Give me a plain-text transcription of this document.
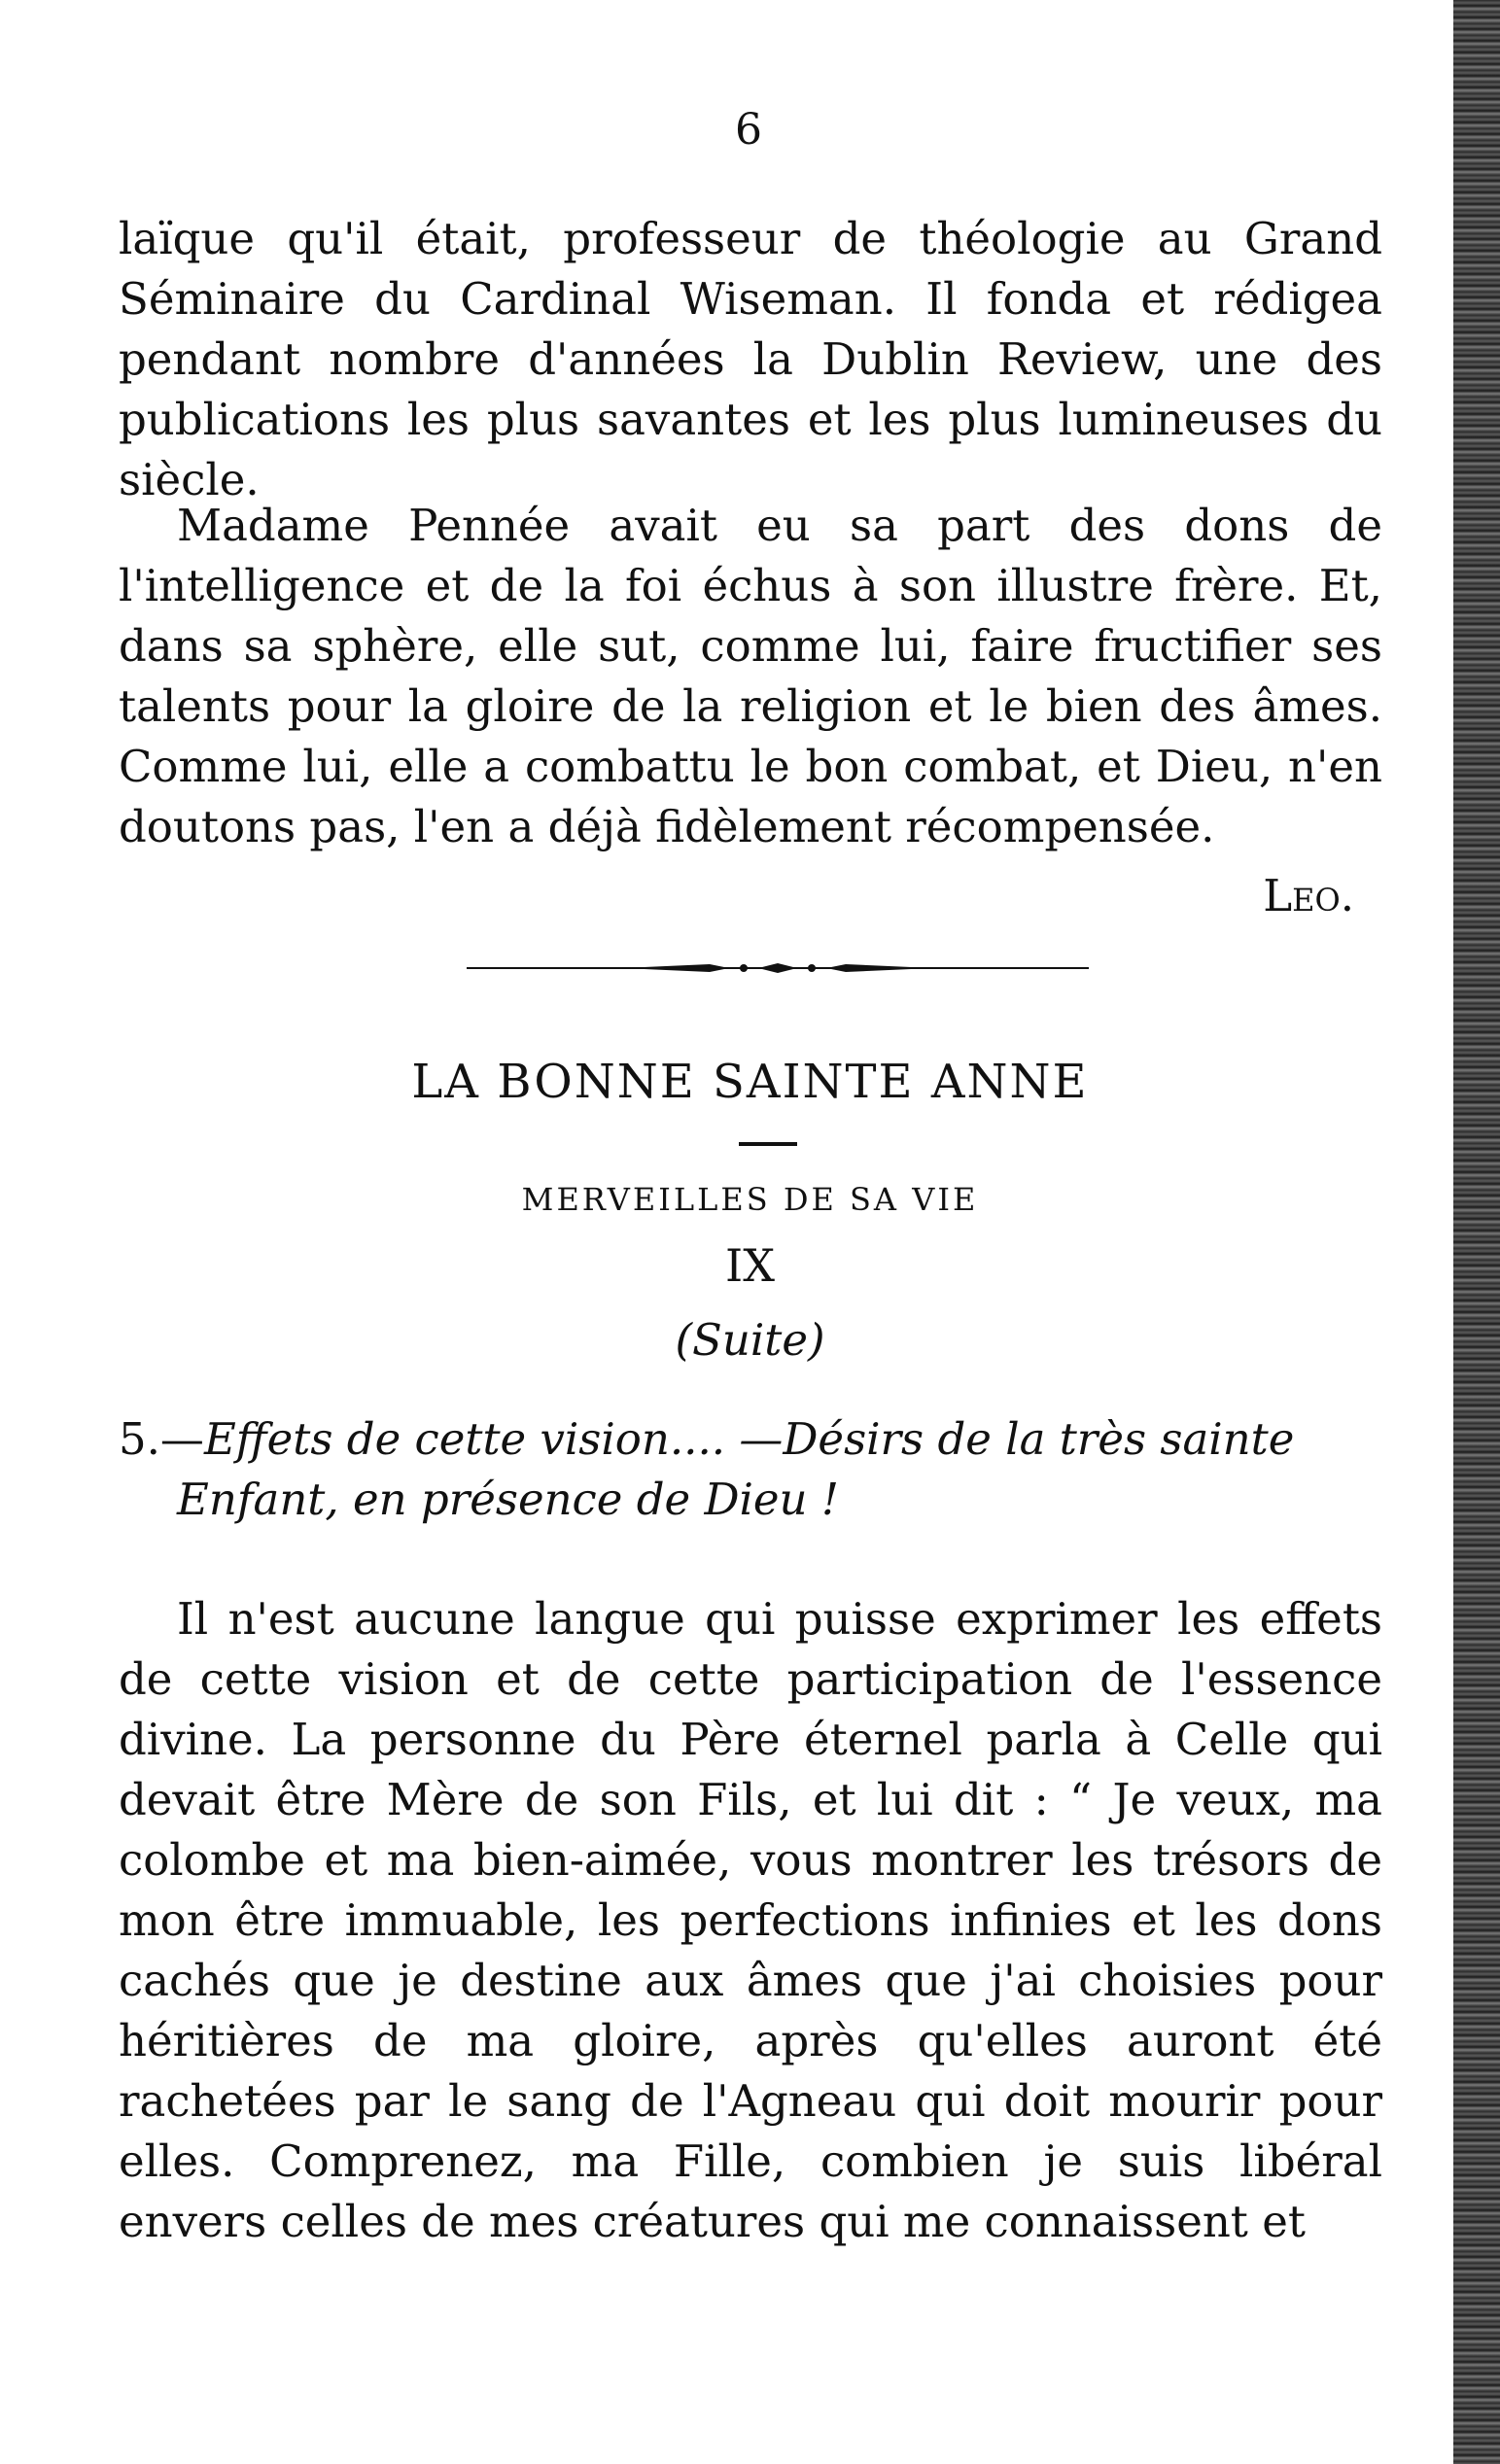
6

laïque qu'il était, professeur de théologie au Grand Séminaire du Cardinal Wiseman. Il fonda et rédigea pendant nombre d'années la Dublin Review, une des publications les plus savantes et les plus lumineuses du siècle.

Madame Pennée avait eu sa part des dons de l'intelligence et de la foi échus à son illustre frère. Et, dans sa sphère, elle sut, comme lui, faire fructifier ses talents pour la gloire de la religion et le bien des âmes. Comme lui, elle a combattu le bon combat, et Dieu, n'en doutons pas, l'en a déjà fidèlement récompensée.

Leo.
LA BONNE SAINTE ANNE
MERVEILLES DE SA VIE
IX
(Suite)

5.—Effets de cette vision.... —Désirs de la très sainte
Enfant, en présence de Dieu !

Il n'est aucune langue qui puisse exprimer les effets de cette vision et de cette participation de l'essence divine. La personne du Père éternel parla à Celle qui devait être Mère de son Fils, et lui dit : “ Je veux, ma colombe et ma bien-aimée, vous montrer les trésors de mon être immuable, les perfections infinies et les dons cachés que je destine aux âmes que j'ai choisies pour héritières de ma gloire, après qu'elles auront été rachetées par le sang de l'Agneau qui doit mourir pour elles. Comprenez, ma Fille, combien je suis libéral envers celles de mes créatures qui me connaissent et
